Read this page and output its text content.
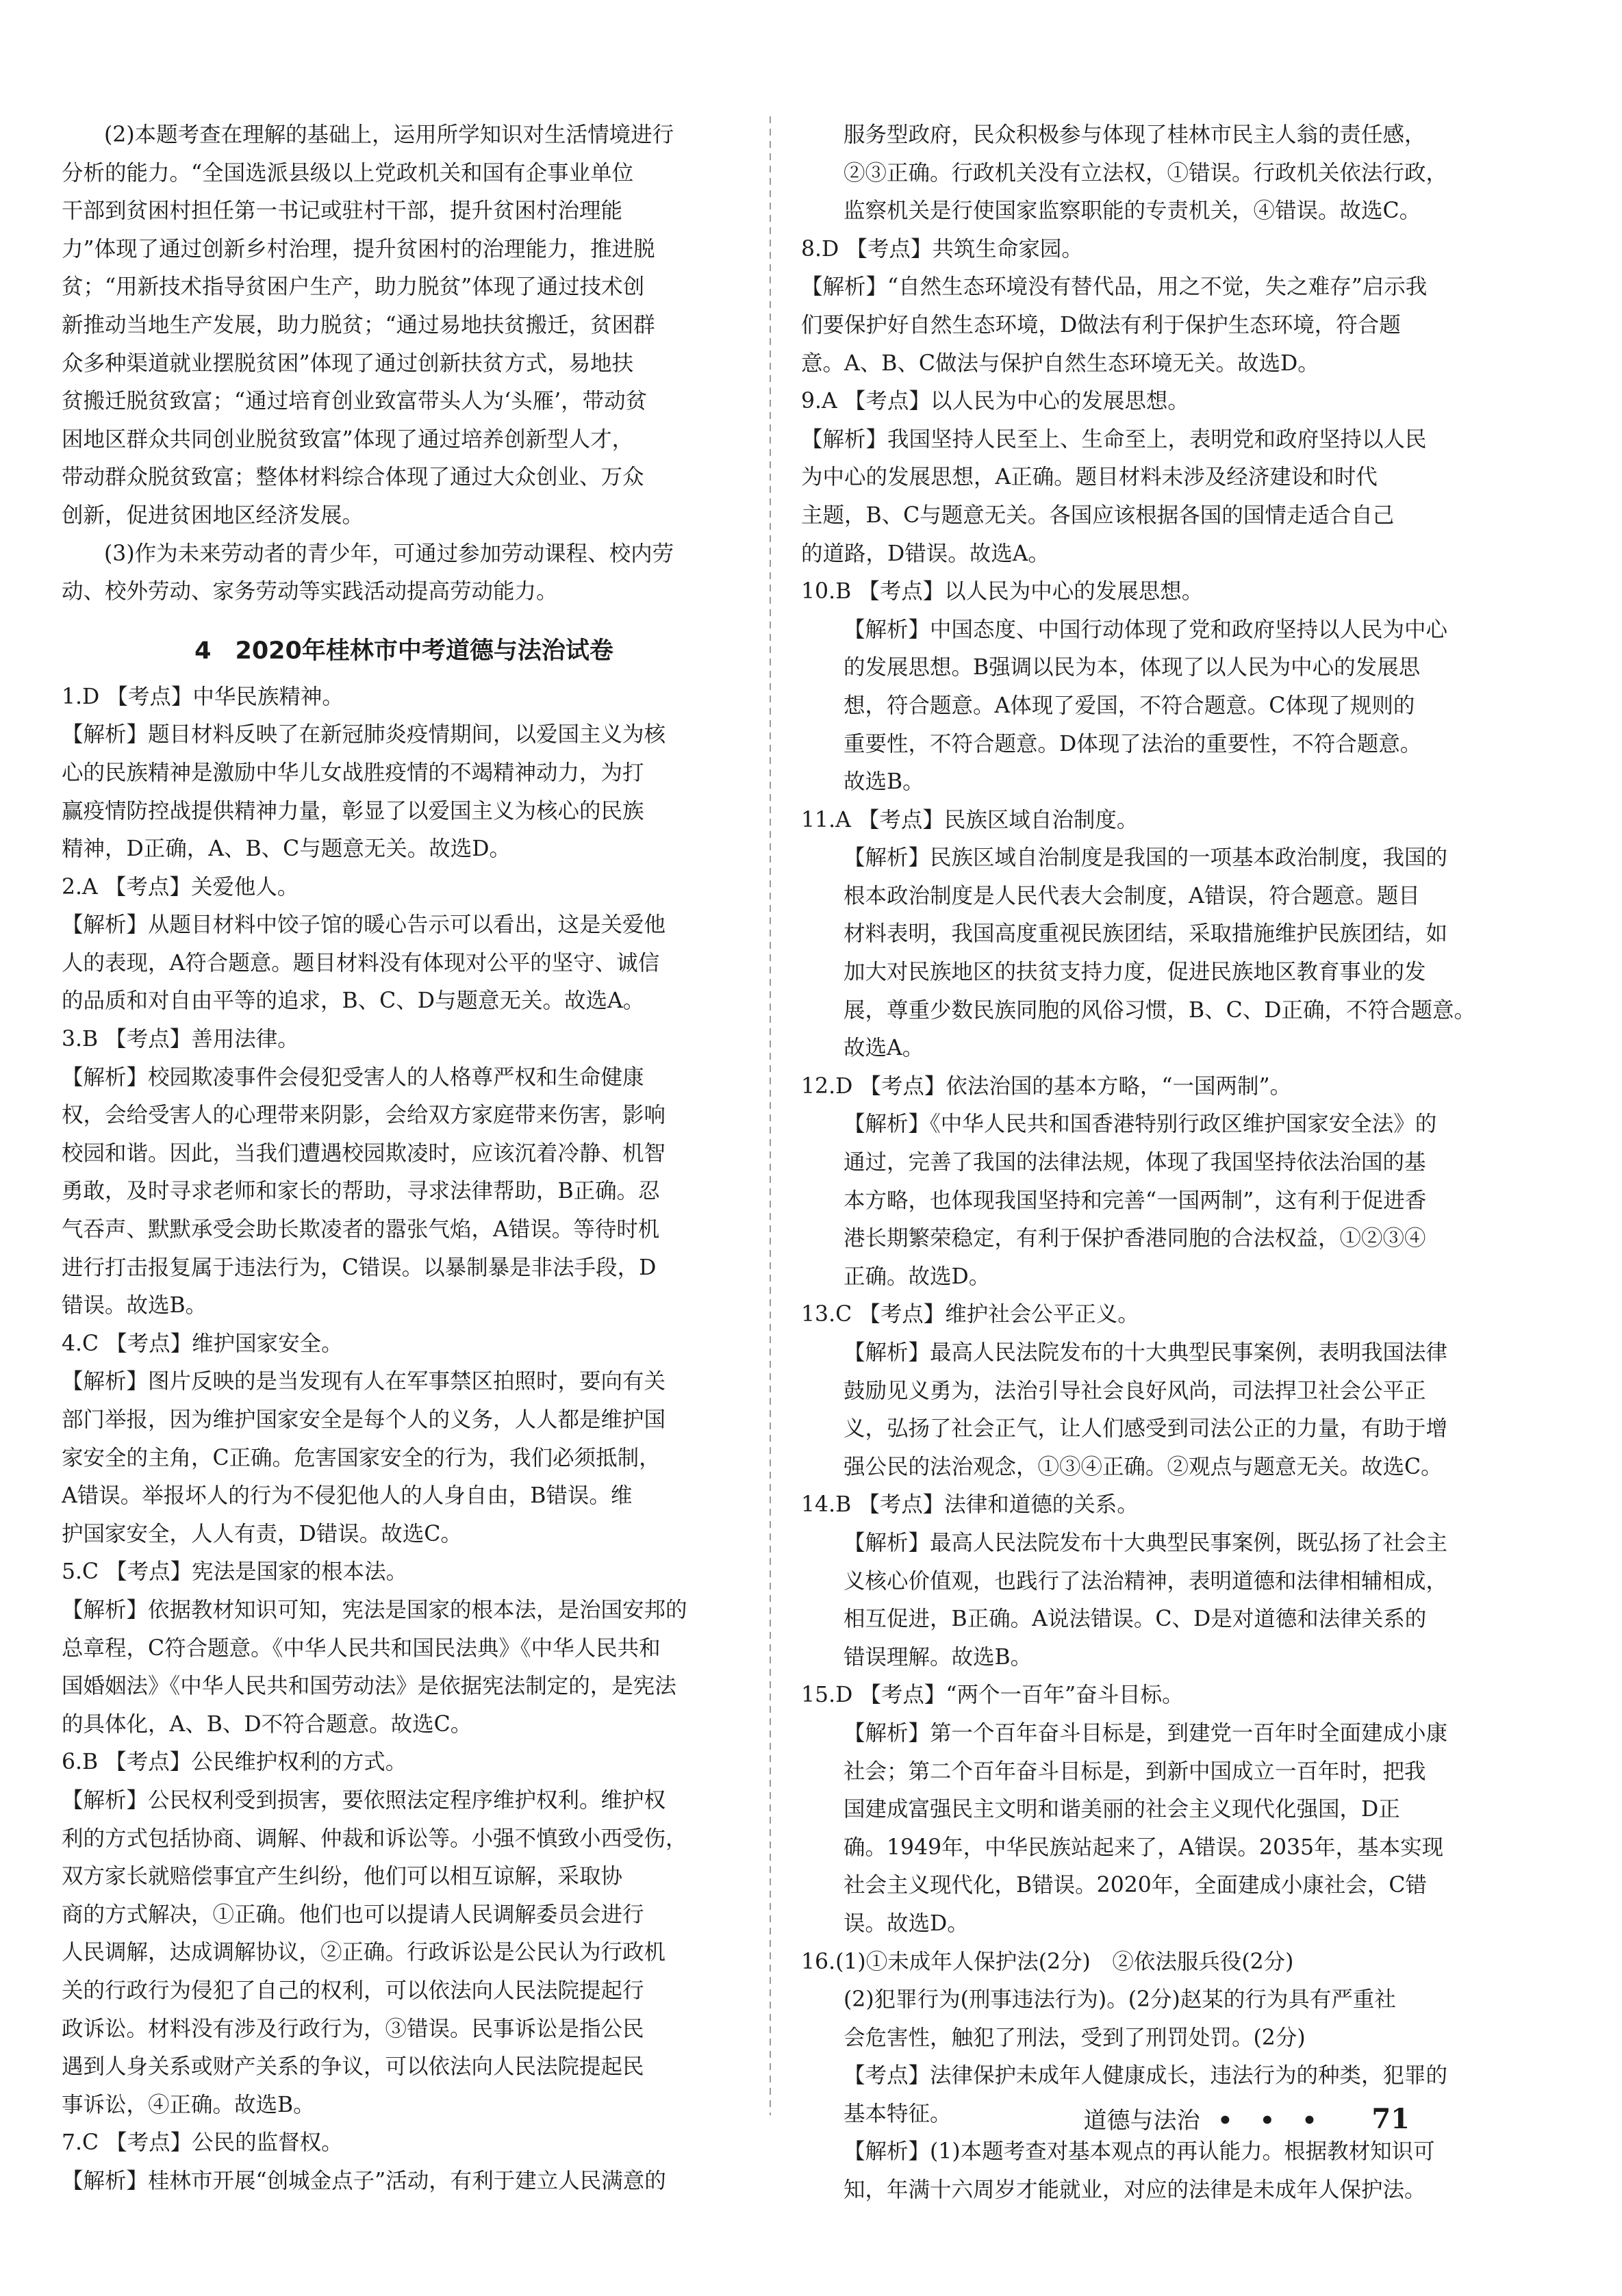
(2)本题考查在理解的基础上，运用所学知识对生活情境进行
分析的能力。“全国选派县级以上党政机关和国有企事业单位
干部到贫困村担任第一书记或驻村干部，提升贫困村治理能
力”体现了通过创新乡村治理，提升贫困村的治理能力，推进脱
贫；“用新技术指导贫困户生产，助力脱贫”体现了通过技术创
新推动当地生产发展，助力脱贫；“通过易地扶贫搬迁，贫困群
众多种渠道就业摆脱贫困”体现了通过创新扶贫方式，易地扶
贫搬迁脱贫致富；“通过培育创业致富带头人为‘头雁’，带动贫
困地区群众共同创业脱贫致富”体现了通过培养创新型人才，
带动群众脱贫致富；整体材料综合体现了通过大众创业、万众
创新，促进贫困地区经济发展。
(3)作为未来劳动者的青少年，可通过参加劳动课程、校内劳
动、校外劳动、家务劳动等实践活动提高劳动能力。
4　2020年桂林市中考道德与法治试卷
1.D 【考点】中华民族精神。
【解析】题目材料反映了在新冠肺炎疫情期间，以爱国主义为核
心的民族精神是激励中华儿女战胜疫情的不竭精神动力，为打
赢疫情防控战提供精神力量，彰显了以爱国主义为核心的民族
精神，D正确，A、B、C与题意无关。故选D。
2.A 【考点】关爱他人。
【解析】从题目材料中饺子馆的暖心告示可以看出，这是关爱他
人的表现，A符合题意。题目材料没有体现对公平的坚守、诚信
的品质和对自由平等的追求，B、C、D与题意无关。故选A。
3.B 【考点】善用法律。
【解析】校园欺凌事件会侵犯受害人的人格尊严权和生命健康
权，会给受害人的心理带来阴影，会给双方家庭带来伤害，影响
校园和谐。因此，当我们遭遇校园欺凌时，应该沉着冷静、机智
勇敢，及时寻求老师和家长的帮助，寻求法律帮助，B正确。忍
气吞声、默默承受会助长欺凌者的嚣张气焰，A错误。等待时机
进行打击报复属于违法行为，C错误。以暴制暴是非法手段，D
错误。故选B。
4.C 【考点】维护国家安全。
【解析】图片反映的是当发现有人在军事禁区拍照时，要向有关
部门举报，因为维护国家安全是每个人的义务，人人都是维护国
家安全的主角，C正确。危害国家安全的行为，我们必须抵制，
A错误。举报坏人的行为不侵犯他人的人身自由，B错误。维
护国家安全，人人有责，D错误。故选C。
5.C 【考点】宪法是国家的根本法。
【解析】依据教材知识可知，宪法是国家的根本法，是治国安邦的
总章程，C符合题意。《中华人民共和国民法典》《中华人民共和
国婚姻法》《中华人民共和国劳动法》是依据宪法制定的，是宪法
的具体化，A、B、D不符合题意。故选C。
6.B 【考点】公民维护权利的方式。
【解析】公民权利受到损害，要依照法定程序维护权利。维护权
利的方式包括协商、调解、仲裁和诉讼等。小强不慎致小西受伤，
双方家长就赔偿事宜产生纠纷，他们可以相互谅解，采取协
商的方式解决，①正确。他们也可以提请人民调解委员会进行
人民调解，达成调解协议，②正确。行政诉讼是公民认为行政机
关的行政行为侵犯了自己的权利，可以依法向人民法院提起行
政诉讼。材料没有涉及行政行为，③错误。民事诉讼是指公民
遇到人身关系或财产关系的争议，可以依法向人民法院提起民
事诉讼，④正确。故选B。
7.C 【考点】公民的监督权。
【解析】桂林市开展“创城金点子”活动，有利于建立人民满意的
服务型政府，民众积极参与体现了桂林市民主人翁的责任感，
②③正确。行政机关没有立法权，①错误。行政机关依法行政，
监察机关是行使国家监察职能的专责机关，④错误。故选C。
8.D 【考点】共筑生命家园。
【解析】“自然生态环境没有替代品，用之不觉，失之难存”启示我
们要保护好自然生态环境，D做法有利于保护生态环境，符合题
意。A、B、C做法与保护自然生态环境无关。故选D。
9.A 【考点】以人民为中心的发展思想。
【解析】我国坚持人民至上、生命至上，表明党和政府坚持以人民
为中心的发展思想，A正确。题目材料未涉及经济建设和时代
主题，B、C与题意无关。各国应该根据各国的国情走适合自己
的道路，D错误。故选A。
10.B 【考点】以人民为中心的发展思想。
【解析】中国态度、中国行动体现了党和政府坚持以人民为中心
的发展思想。B强调以民为本，体现了以人民为中心的发展思
想，符合题意。A体现了爱国，不符合题意。C体现了规则的
重要性，不符合题意。D体现了法治的重要性，不符合题意。
故选B。
11.A 【考点】民族区域自治制度。
【解析】民族区域自治制度是我国的一项基本政治制度，我国的
根本政治制度是人民代表大会制度，A错误，符合题意。题目
材料表明，我国高度重视民族团结，采取措施维护民族团结，如
加大对民族地区的扶贫支持力度，促进民族地区教育事业的发
展，尊重少数民族同胞的风俗习惯，B、C、D正确，不符合题意。
故选A。
12.D 【考点】依法治国的基本方略，“一国两制”。
【解析】《中华人民共和国香港特别行政区维护国家安全法》的
通过，完善了我国的法律法规，体现了我国坚持依法治国的基
本方略，也体现我国坚持和完善“一国两制”，这有利于促进香
港长期繁荣稳定，有利于保护香港同胞的合法权益，①②③④
正确。故选D。
13.C 【考点】维护社会公平正义。
【解析】最高人民法院发布的十大典型民事案例，表明我国法律
鼓励见义勇为，法治引导社会良好风尚，司法捍卫社会公平正
义，弘扬了社会正气，让人们感受到司法公正的力量，有助于增
强公民的法治观念，①③④正确。②观点与题意无关。故选C。
14.B 【考点】法律和道德的关系。
【解析】最高人民法院发布十大典型民事案例，既弘扬了社会主
义核心价值观，也践行了法治精神，表明道德和法律相辅相成，
相互促进，B正确。A说法错误。C、D是对道德和法律关系的
错误理解。故选B。
15.D 【考点】“两个一百年”奋斗目标。
【解析】第一个百年奋斗目标是，到建党一百年时全面建成小康
社会；第二个百年奋斗目标是，到新中国成立一百年时，把我
国建成富强民主文明和谐美丽的社会主义现代化强国，D正
确。1949年，中华民族站起来了，A错误。2035年，基本实现
社会主义现代化，B错误。2020年，全面建成小康社会，C错
误。故选D。
16.(1)①未成年人保护法(2分)　②依法服兵役(2分)
(2)犯罪行为(刑事违法行为)。(2分)赵某的行为具有严重社
会危害性，触犯了刑法，受到了刑罚处罚。(2分)
【考点】法律保护未成年人健康成长，违法行为的种类，犯罪的
基本特征。
【解析】(1)本题考查对基本观点的再认能力。根据教材知识可
知，年满十六周岁才能就业，对应的法律是未成年人保护法。
道德与法治 • • • 71
